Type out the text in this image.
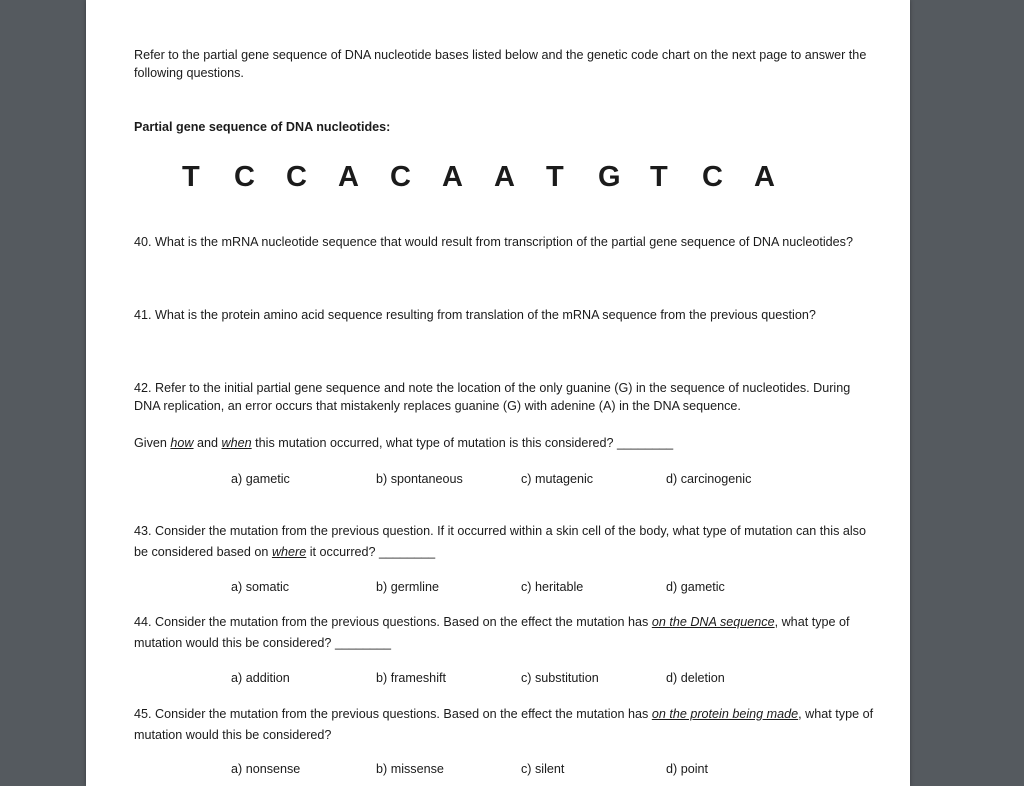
Refer to the partial gene sequence of DNA nucleotide bases listed below and the genetic code chart on the next page to answer the following questions.
Partial gene sequence of DNA nucleotides:
T	C	C	A	C	A	A	T	G	T	C	A
40. What is the mRNA nucleotide sequence that would result from transcription of the partial gene sequence of DNA nucleotides?
41. What is the protein amino acid sequence resulting from translation of the mRNA sequence from the previous question?
42. Refer to the initial partial gene sequence and note the location of the only guanine (G) in the sequence of nucleotides. During DNA replication, an error occurs that mistakenly replaces guanine (G) with adenine (A) in the DNA sequence.
Given how and when this mutation occurred, what type of mutation is this considered? ________
a) gametic	b) spontaneous	c) mutagenic	d) carcinogenic
43. Consider the mutation from the previous question. If it occurred within a skin cell of the body, what type of mutation can this also be considered based on where it occurred? ________
a) somatic	b) germline	c) heritable	d) gametic
44. Consider the mutation from the previous questions. Based on the effect the mutation has on the DNA sequence, what type of mutation would this be considered? ________
a) addition	b) frameshift	c) substitution	d) deletion
45. Consider the mutation from the previous questions. Based on the effect the mutation has on the protein being made, what type of mutation would this be considered?
a) nonsense	b) missense	c) silent	d) point
